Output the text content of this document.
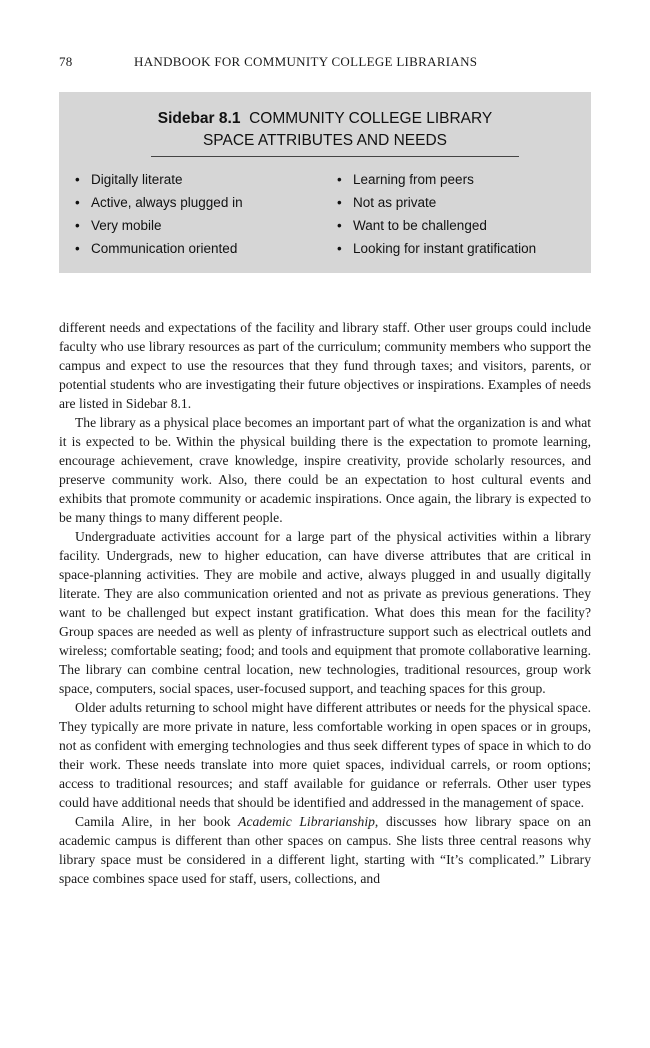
78	HANDBOOK FOR COMMUNITY COLLEGE LIBRARIANS
Sidebar 8.1 COMMUNITY COLLEGE LIBRARY
SPACE ATTRIBUTES AND NEEDS
• Digitally literate
• Active, always plugged in
• Very mobile
• Communication oriented
• Learning from peers
• Not as private
• Want to be challenged
• Looking for instant gratification

different needs and expectations of the facility and library staff. Other user groups could include faculty who use library resources as part of the curriculum; community members who support the campus and expect to use the resources that they fund through taxes; and visitors, parents, or potential students who are investigating their future objectives or inspirations. Examples of needs are listed in Sidebar 8.1.

The library as a physical place becomes an important part of what the organization is and what it is expected to be. Within the physical building there is the expectation to promote learning, encourage achievement, crave knowledge, inspire creativity, provide scholarly resources, and preserve community work. Also, there could be an expectation to host cultural events and exhibits that promote community or academic inspirations. Once again, the library is expected to be many things to many different people.

Undergraduate activities account for a large part of the physical activities within a library facility. Undergrads, new to higher education, can have diverse attributes that are critical in space-planning activities. They are mobile and active, always plugged in and usually digitally literate. They are also communication oriented and not as private as previous generations. They want to be challenged but expect instant gratification. What does this mean for the facility? Group spaces are needed as well as plenty of infrastructure support such as electrical outlets and wireless; comfortable seating; food; and tools and equipment that promote collaborative learning. The library can combine central location, new technologies, traditional resources, group work space, computers, social spaces, user-focused support, and teaching spaces for this group.

Older adults returning to school might have different attributes or needs for the physical space. They typically are more private in nature, less comfortable working in open spaces or in groups, not as confident with emerging technologies and thus seek different types of space in which to do their work. These needs translate into more quiet spaces, individual carrels, or room options; access to traditional resources; and staff available for guidance or referrals. Other user types could have additional needs that should be identified and addressed in the management of space.

Camila Alire, in her book Academic Librarianship, discusses how library space on an academic campus is different than other spaces on campus. She lists three central reasons why library space must be considered in a different light, starting with “It’s complicated.” Library space combines space used for staff, users, collections, and
